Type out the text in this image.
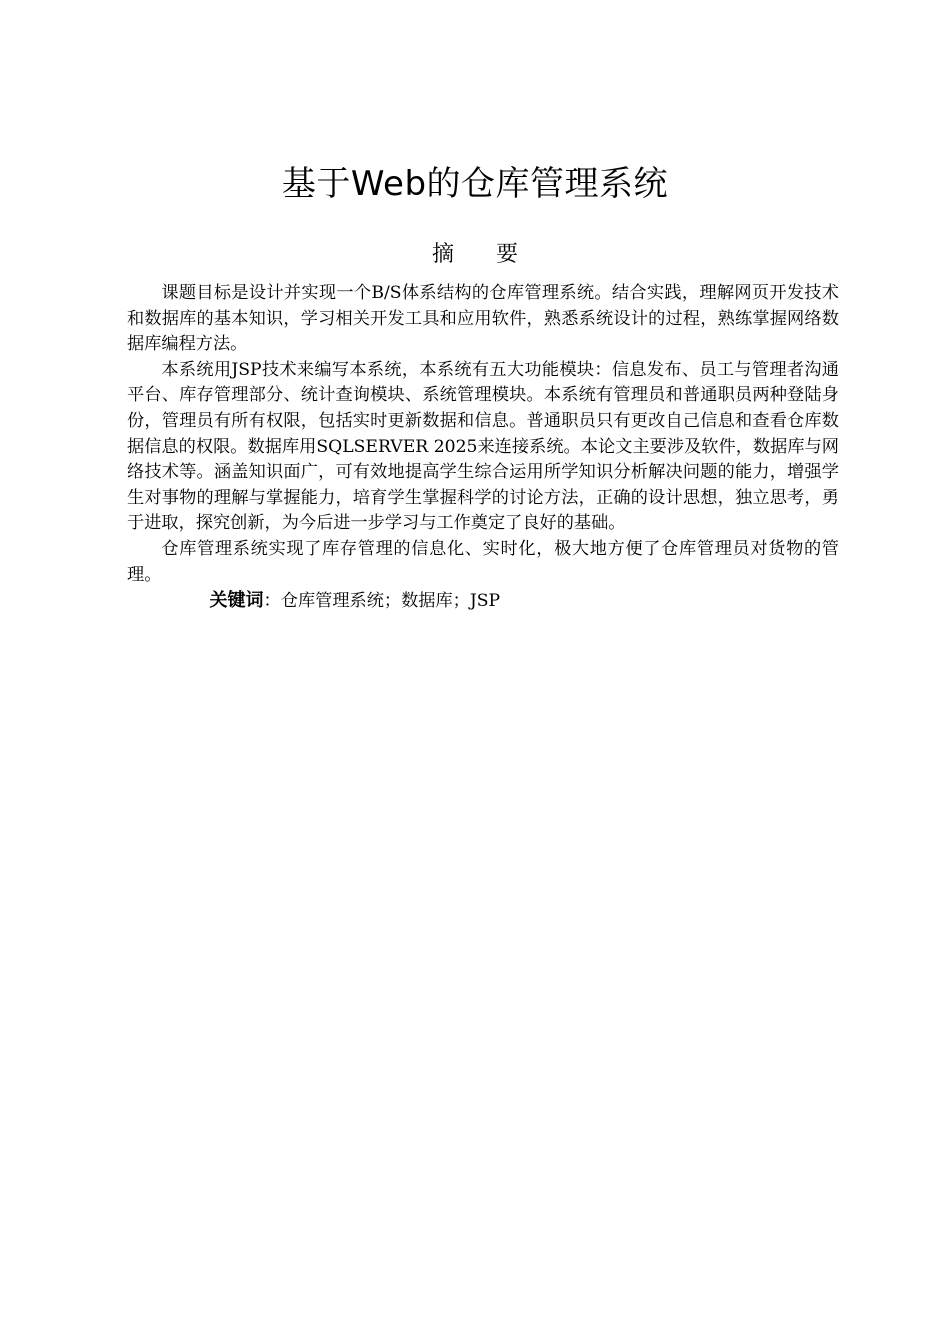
基于Web的仓库管理系统
摘 要

课题目标是设计并实现一个B/S体系结构的仓库管理系统。结合实践，理解网页开发技术和数据库的基本知识，学习相关开发工具和应用软件，熟悉系统设计的过程，熟练掌握网络数据库编程方法。

本系统用JSP技术来编写本系统，本系统有五大功能模块：信息发布、员工与管理者沟通平台、库存管理部分、统计查询模块、系统管理模块。本系统有管理员和普通职员两种登陆身份，管理员有所有权限，包括实时更新数据和信息。普通职员只有更改自己信息和查看仓库数据信息的权限。数据库用SQLSERVER 2025来连接系统。本论文主要涉及软件，数据库与网络技术等。涵盖知识面广，可有效地提高学生综合运用所学知识分析解决问题的能力，增强学生对事物的理解与掌握能力，培育学生掌握科学的讨论方法，正确的设计思想，独立思考，勇于进取，探究创新，为今后进一步学习与工作奠定了良好的基础。

仓库管理系统实现了库存管理的信息化、实时化，极大地方便了仓库管理员对货物的管理。

关键词：仓库管理系统；数据库；JSP
